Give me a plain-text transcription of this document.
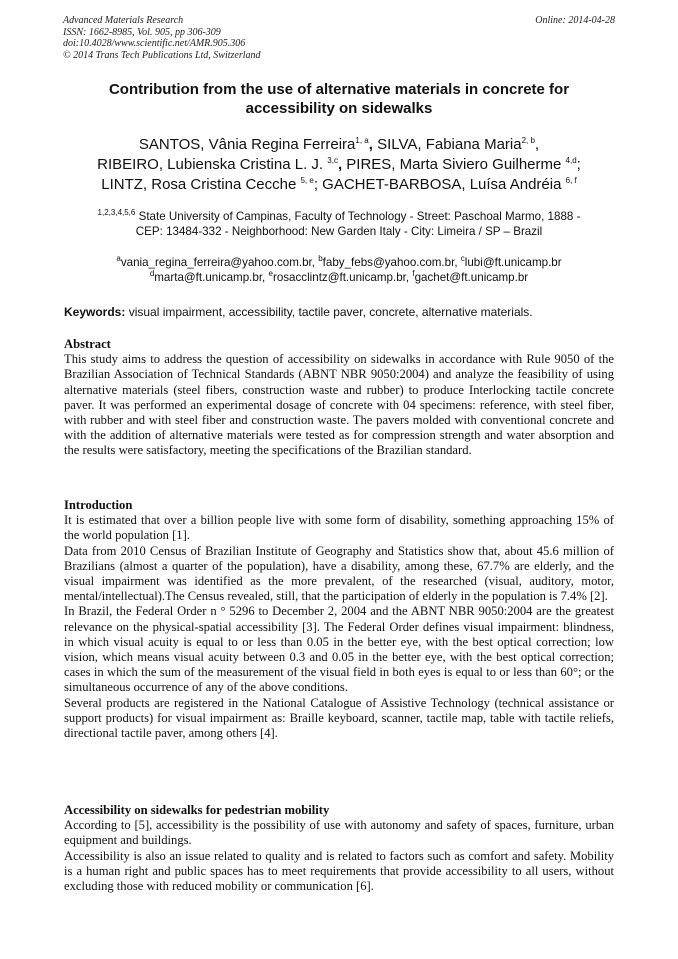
Advanced Materials Research
ISSN: 1662-8985, Vol. 905, pp 306-309
doi:10.4028/www.scientific.net/AMR.905.306
© 2014 Trans Tech Publications Ltd, Switzerland
Online: 2014-04-28
Contribution from the use of alternative materials in concrete for accessibility on sidewalks
SANTOS, Vânia Regina Ferreira$^{1, a}$, SILVA, Fabiana Maria$^{2, b}$,
RIBEIRO, Lubienska Cristina L. J. $^{3,c}$, PIRES, Marta Siviero Guilherme $^{4,d}$;
LINTZ, Rosa Cristina Cecche $^{5, e}$; GACHET-BARBOSA, Luísa Andréia $^{6, f}$
$^{1,2,3,4,5,6}$ State University of Campinas, Faculty of Technology - Street: Paschoal Marmo, 1888 -
CEP: 13484-332 - Neighborhood: New Garden Italy - City: Limeira / SP – Brazil
$^a$vania_regina_ferreira@yahoo.com.br, $^b$faby_febs@yahoo.com.br, $^c$lubi@ft.unicamp.br
$^d$marta@ft.unicamp.br, $^e$rosacclintz@ft.unicamp.br, $^f$gachet@ft.unicamp.br
Keywords: visual impairment, accessibility, tactile paver, concrete, alternative materials.
Abstract

This study aims to address the question of accessibility on sidewalks in accordance with Rule 9050 of the Brazilian Association of Technical Standards (ABNT NBR 9050:2004) and analyze the feasibility of using alternative materials (steel fibers, construction waste and rubber) to produce Interlocking tactile concrete paver. It was performed an experimental dosage of concrete with 04 specimens: reference, with steel fiber, with rubber and with steel fiber and construction waste. The pavers molded with conventional concrete and with the addition of alternative materials were tested as for compression strength and water absorption and the results were satisfactory, meeting the specifications of the Brazilian standard.

Introduction

It is estimated that over a billion people live with some form of disability, something approaching 15% of the world population [1].

Data from 2010 Census of Brazilian Institute of Geography and Statistics show that, about 45.6 million of Brazilians (almost a quarter of the population), have a disability, among these, 67.7% are elderly, and the visual impairment was identified as the more prevalent, of the researched (visual, auditory, motor, mental/intellectual).The Census revealed, still, that the participation of elderly in the population is 7.4% [2].

In Brazil, the Federal Order n ° 5296 to December 2, 2004 and the ABNT NBR 9050:2004 are the greatest relevance on the physical-spatial accessibility [3]. The Federal Order defines visual impairment: blindness, in which visual acuity is equal to or less than 0.05 in the better eye, with the best optical correction; low vision, which means visual acuity between 0.3 and 0.05 in the better eye, with the best optical correction; cases in which the sum of the measurement of the visual field in both eyes is equal to or less than 60°; or the simultaneous occurrence of any of the above conditions.

Several products are registered in the National Catalogue of Assistive Technology (technical assistance or support products) for visual impairment as: Braille keyboard, scanner, tactile map, table with tactile reliefs, directional tactile paver, among others [4].

Accessibility on sidewalks for pedestrian mobility

According to [5], accessibility is the possibility of use with autonomy and safety of spaces, furniture, urban equipment and buildings.

Accessibility is also an issue related to quality and is related to factors such as comfort and safety. Mobility is a human right and public spaces has to meet requirements that provide accessibility to all users, without excluding those with reduced mobility or communication [6].
